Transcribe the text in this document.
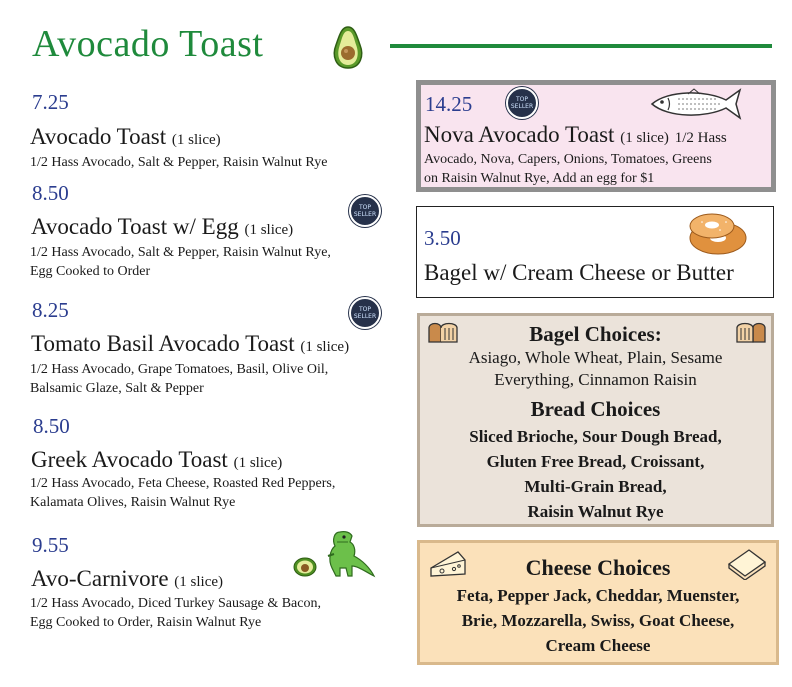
Avocado Toast
7.25
Avocado Toast (1 slice)
1/2 Hass Avocado, Salt & Pepper, Raisin Walnut Rye
8.50
TOP
SELLER
Avocado Toast w/ Egg (1 slice)
1/2 Hass Avocado, Salt & Pepper, Raisin Walnut Rye,
Egg Cooked to Order
8.25	TOP
SELLER
Tomato Basil Avocado Toast (1 slice)
1/2 Hass Avocado, Grape Tomatoes, Basil, Olive Oil,
Balsamic Glaze, Salt & Pepper
8.50
Greek Avocado Toast (1 slice)
1/2 Hass Avocado, Feta Cheese, Roasted Red Peppers,
Kalamata Olives, Raisin Walnut Rye
9.55
Avo-Carnivore (1 slice)
1/2 Hass Avocado, Diced Turkey Sausage & Bacon,
Egg Cooked to Order, Raisin Walnut Rye
14.25	TOP
SELLER
Nova Avocado Toast (1 slice) 1/2 Hass
Avocado, Nova, Capers, Onions, Tomatoes, Greens
on Raisin Walnut Rye, Add an egg for $1
3.50
Bagel w/ Cream Cheese or Butter
Bagel Choices:
Asiago, Whole Wheat, Plain, Sesame
Everything, Cinnamon Raisin
Bread Choices
Sliced Brioche, Sour Dough Bread,
Gluten Free Bread, Croissant,
Multi-Grain Bread,
Raisin Walnut Rye
Cheese Choices
Feta, Pepper Jack, Cheddar, Muenster,
Brie, Mozzarella, Swiss, Goat Cheese,
Cream Cheese
